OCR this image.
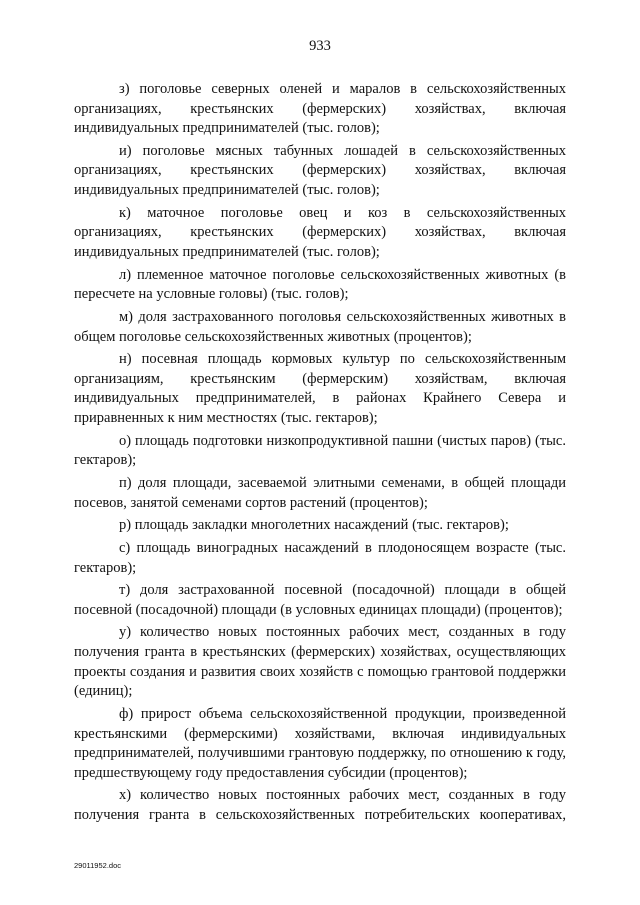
933

з) поголовье северных оленей и маралов в сельскохозяйственных организациях, крестьянских (фермерских) хозяйствах, включая индивидуальных предпринимателей (тыс. голов);

и) поголовье мясных табунных лошадей в сельскохозяйственных организациях, крестьянских (фермерских) хозяйствах, включая индивидуальных предпринимателей (тыс. голов);

к) маточное поголовье овец и коз в сельскохозяйственных организациях, крестьянских (фермерских) хозяйствах, включая индивидуальных предпринимателей (тыс. голов);

л) племенное маточное поголовье сельскохозяйственных животных (в пересчете на условные головы) (тыс. голов);

м) доля застрахованного поголовья сельскохозяйственных животных в общем поголовье сельскохозяйственных животных (процентов);

н) посевная площадь кормовых культур по сельскохозяйственным организациям, крестьянским (фермерским) хозяйствам, включая индивидуальных предпринимателей, в районах Крайнего Севера и приравненных к ним местностях (тыс. гектаров);

о) площадь подготовки низкопродуктивной пашни (чистых паров) (тыс. гектаров);

п) доля площади, засеваемой элитными семенами, в общей площади посевов, занятой семенами сортов растений (процентов);

р) площадь закладки многолетних насаждений (тыс. гектаров);

с) площадь виноградных насаждений в плодоносящем возрасте (тыс. гектаров);

т) доля застрахованной посевной (посадочной) площади в общей посевной (посадочной) площади (в условных единицах площади) (процентов);

у) количество новых постоянных рабочих мест, созданных в году получения гранта в крестьянских (фермерских) хозяйствах, осуществляющих проекты создания и развития своих хозяйств с помощью грантовой поддержки (единиц);

ф) прирост объема сельскохозяйственной продукции, произведенной крестьянскими (фермерскими) хозяйствами, включая индивидуальных предпринимателей, получившими грантовую поддержку, по отношению к году, предшествующему году предоставления субсидии (процентов);

х) количество новых постоянных рабочих мест, созданных в году получения гранта в сельскохозяйственных потребительских кооперативах,

29011952.doc
